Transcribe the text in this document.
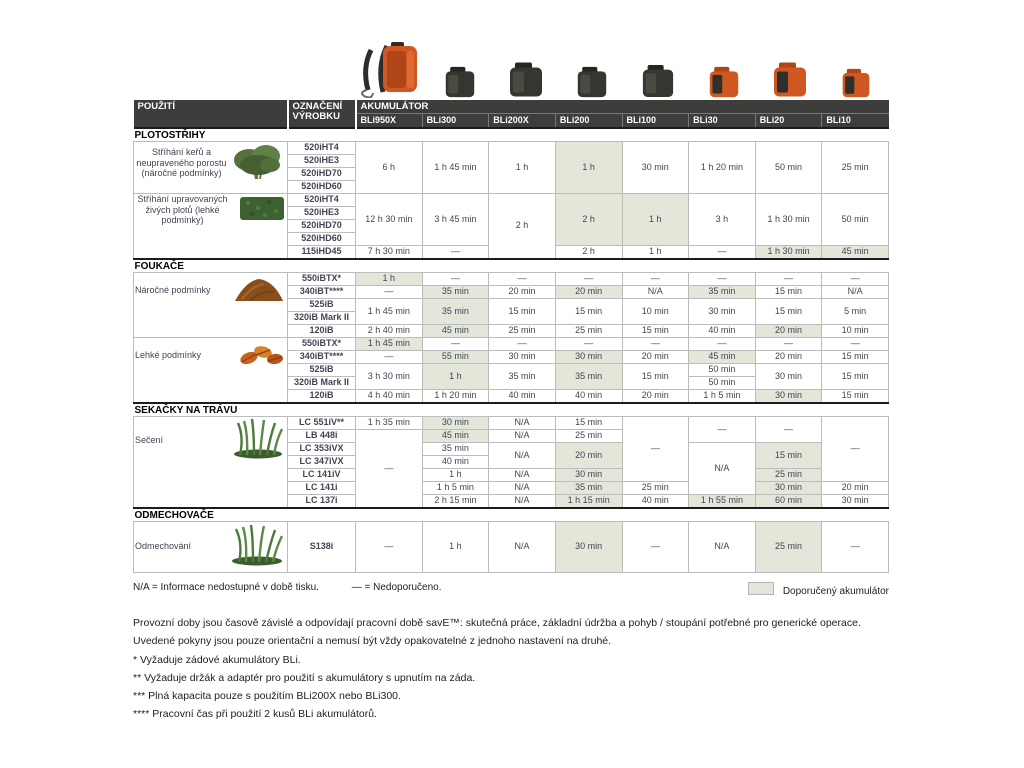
POUŽITÍ	OZNAČENÍ
VÝROBKU	AKUMULÁTOR							
		BLi950X	BLi300	BLi200X	BLi200	BLi100	BLi30	BLi20	BLi10
PLOTOSTŘIHY									

Stříhání keřů a neupraveného porostu (náročné podmínky)	520iHT4	6 h	1 h 45 min	1 h	1 h	30 min	1 h 20 min	50 min	25 min
	520iHE3								
	520iHD70								
	520iHD60								

Stříhání upravovaných živých plotů (lehké podmínky)	520iHT4	12 h 30 min	3 h 45 min	2 h	2 h	1 h	3 h	1 h 30 min	50 min
	520iHE3								
	520iHD70								
	520iHD60								
	115iHD45	7 h 30 min	—		2 h	1 h	—	1 h 30 min	45 min
FOUKAČE									

Náročné podmínky	550iBTX*	1 h	—	—	—	—	—	—	—
	340iBT****	—	35 min	20 min	20 min	N/A	35 min	15 min	N/A
	525iB	1 h 45 min	35 min	15 min	15 min	10 min	30 min	15 min	5 min
	320iB Mark II								
	120iB	2 h 40 min	45 min	25 min	25 min	15 min	40 min	20 min	10 min

Lehké podmínky	550iBTX*	1 h 45 min	—	—	—	—	—	—	—
	340iBT****	—	55 min	30 min	30 min	20 min	45 min	20 min	15 min
	525iB	3 h 30 min	1 h	35 min	35 min	15 min	50 min	30 min	15 min
	320iB Mark II						50 min		
	120iB	4 h 40 min	1 h 20 min	40 min	40 min	20 min	1 h 5 min	30 min	15 min
SEKAČKY NA TRÁVU									

Sečení	LC 551iV**	1 h 35 min	30 min	N/A	15 min	—	—	—	—
	LB 448i	—	45 min	N/A	25 min				
	LC 353iVX		35 min	N/A	20 min		N/A	15 min	
	LC 347iVX		40 min						
	LC 141iV		1 h	N/A	30 min			25 min	
	LC 141i		1 h 5 min	N/A	35 min	25 min		30 min	20 min
	LC 137i		2 h 15 min	N/A	1 h 15 min	40 min	1 h 55 min	60 min	30 min
ODMECHOVAČE									

Odmechování	S138i	—	1 h	N/A	30 min	—	N/A	25 min	—
N/A = Informace nedostupné v době tisku.	— = Nedoporučeno.	Doporučený akumulátor

Provozní doby jsou časově závislé a odpovídají pracovní době savE™: skutečná práce, základní údržba a pohyb / stoupání potřebné pro generické operace.

Uvedené pokyny jsou pouze orientační a nemusí být vždy opakovatelné z jednoho nastavení na druhé.

* Vyžaduje zádové akumulátory BLi.

** Vyžaduje držák a adaptér pro použití s akumulátory s upnutím na záda.

*** Plná kapacita pouze s použitím BLi200X nebo BLi300.

**** Pracovní čas při použití 2 kusů BLi akumulátorů.
